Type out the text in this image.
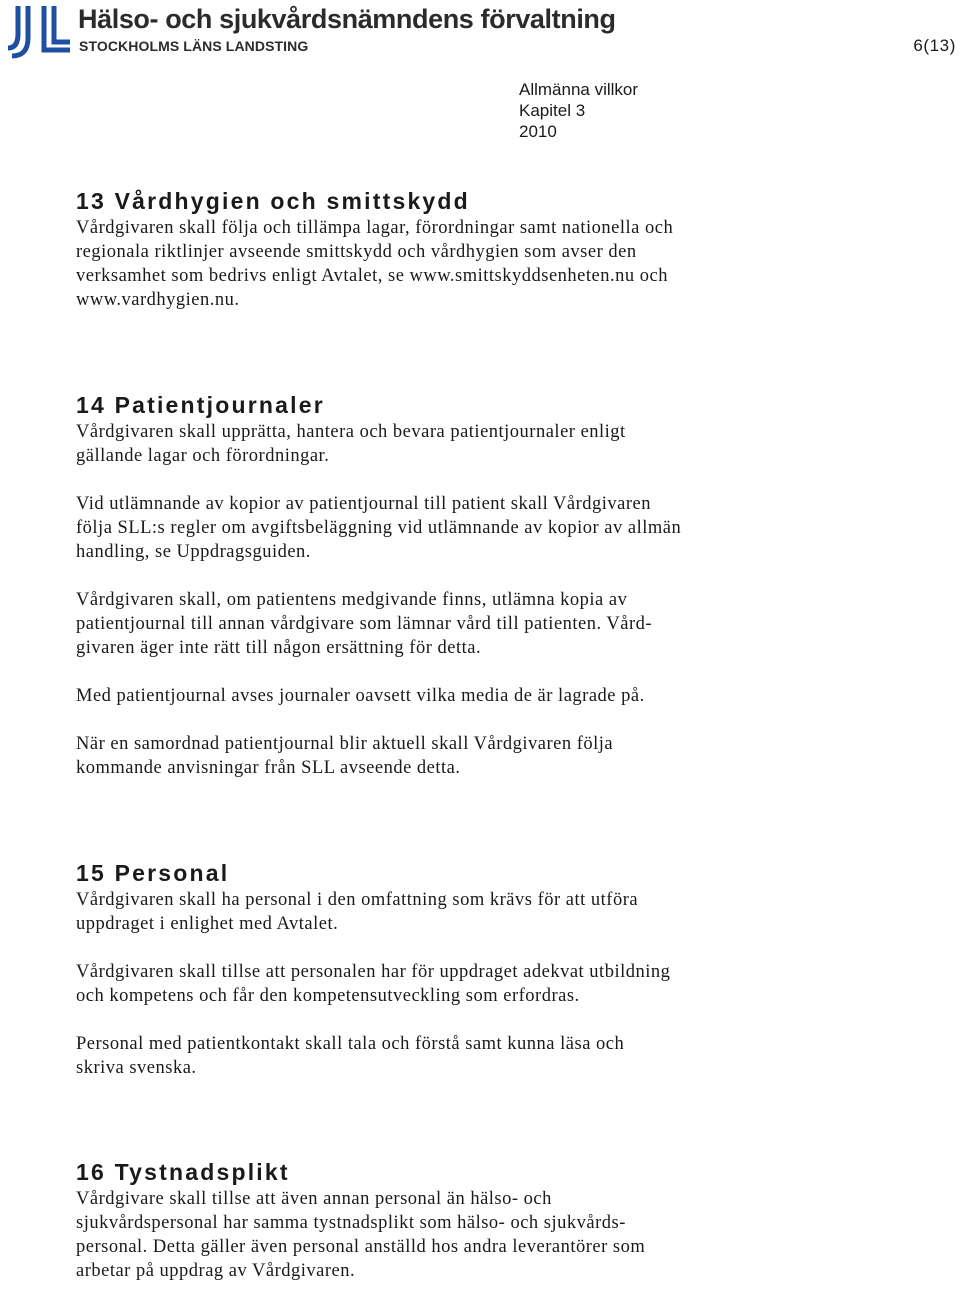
Hälso- och sjukvårdsnämndens förvaltning
STOCKHOLMS LÄNS LANDSTING	6(13)
Allmänna villkor
Kapitel 3
2010
13 Vårdhygien och smittskydd

Vårdgivaren skall följa och tillämpa lagar, förordningar samt nationella och
regionala riktlinjer avseende smittskydd och vårdhygien som avser den
verksamhet som bedrivs enligt Avtalet, se www.smittskyddsenheten.nu och
www.vardhygien.nu.

14 Patientjournaler

Vårdgivaren skall upprätta, hantera och bevara patientjournaler enligt
gällande lagar och förordningar.

Vid utlämnande av kopior av patientjournal till patient skall Vårdgivaren
följa SLL:s regler om avgiftsbeläggning vid utlämnande av kopior av allmän
handling, se Uppdragsguiden.

Vårdgivaren skall, om patientens medgivande finns, utlämna kopia av
patientjournal till annan vårdgivare som lämnar vård till patienten. Vård-
givaren äger inte rätt till någon ersättning för detta.

Med patientjournal avses journaler oavsett vilka media de är lagrade på.

När en samordnad patientjournal blir aktuell skall Vårdgivaren följa
kommande anvisningar från SLL avseende detta.

15 Personal

Vårdgivaren skall ha personal i den omfattning som krävs för att utföra
uppdraget i enlighet med Avtalet.

Vårdgivaren skall tillse att personalen har för uppdraget adekvat utbildning
och kompetens och får den kompetensutveckling som erfordras.

Personal med patientkontakt skall tala och förstå samt kunna läsa och
skriva svenska.

16 Tystnadsplikt

Vårdgivare skall tillse att även annan personal än hälso- och
sjukvårdspersonal har samma tystnadsplikt som hälso- och sjukvårds-
personal. Detta gäller även personal anställd hos andra leverantörer som
arbetar på uppdrag av Vårdgivaren.
